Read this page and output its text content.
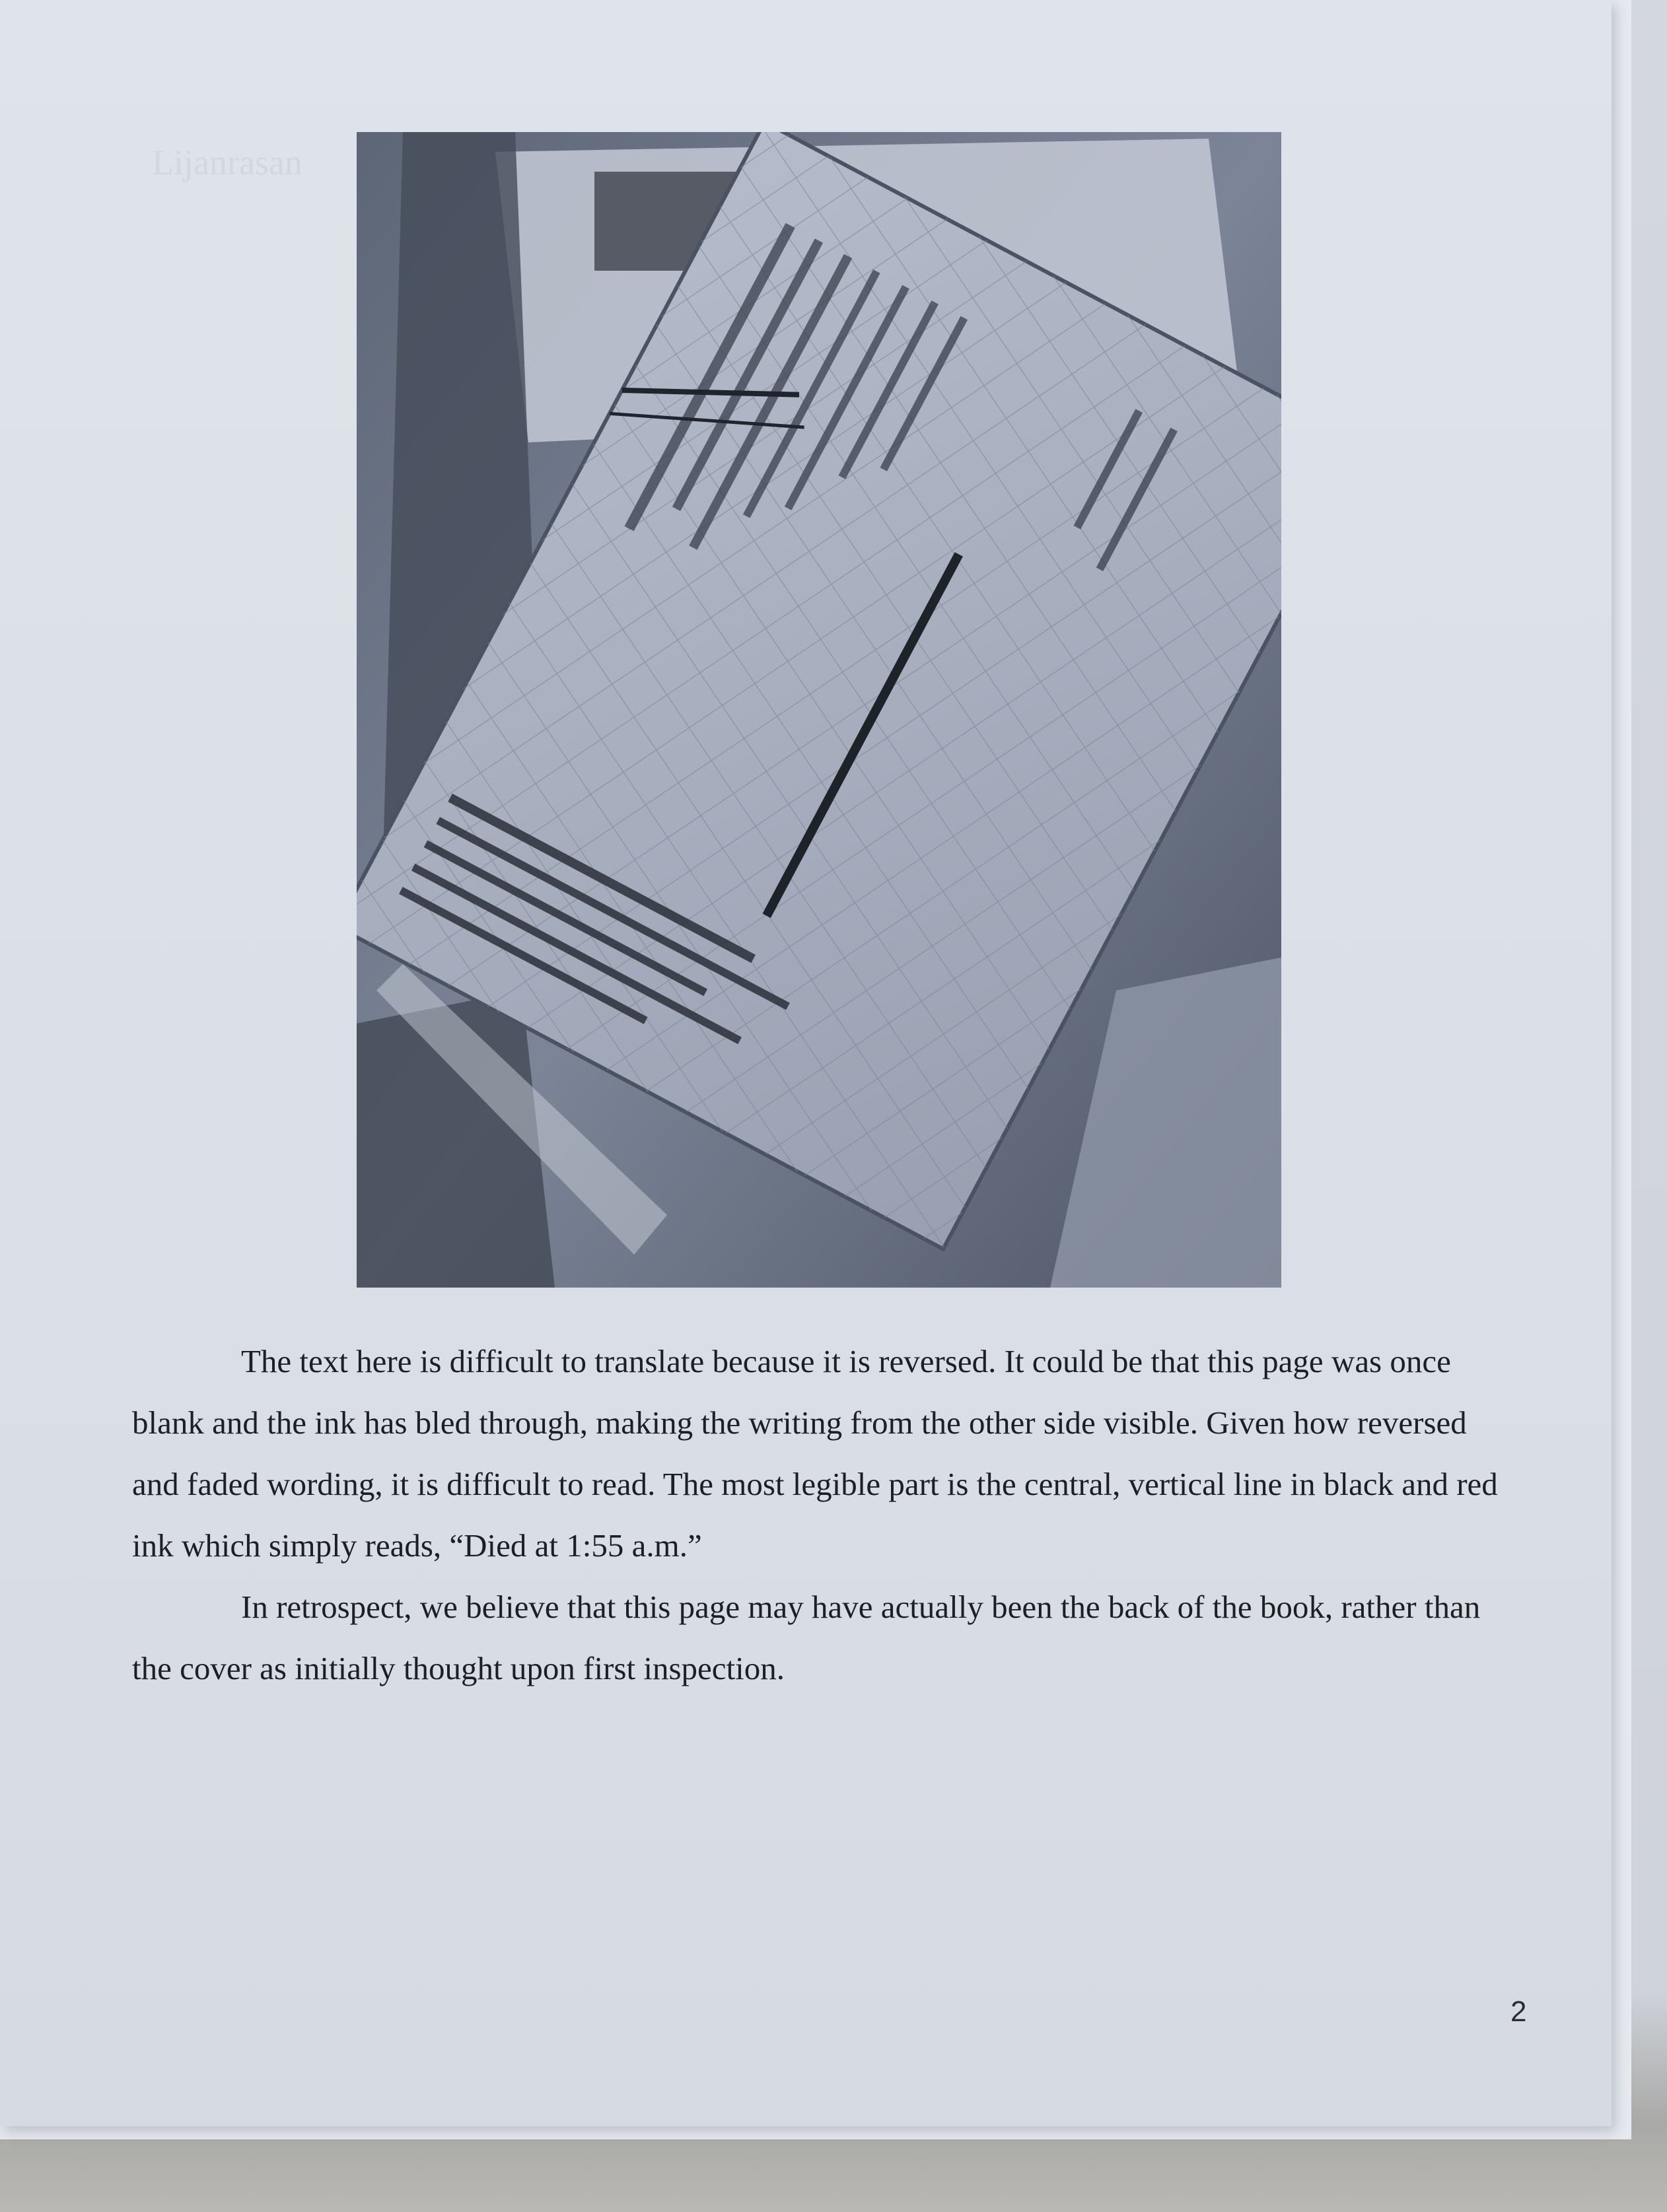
Lijanrasan

The text here is difficult to translate because it is reversed. It could be that this page was once blank and the ink has bled through, making the writing from the other side visible. Given how reversed and faded wording, it is difficult to read. The most legible part is the central, vertical line in black and red ink which simply reads, “Died at 1:55 a.m.”

In retrospect, we believe that this page may have actually been the back of the book, rather than the cover as initially thought upon first inspection.

2
